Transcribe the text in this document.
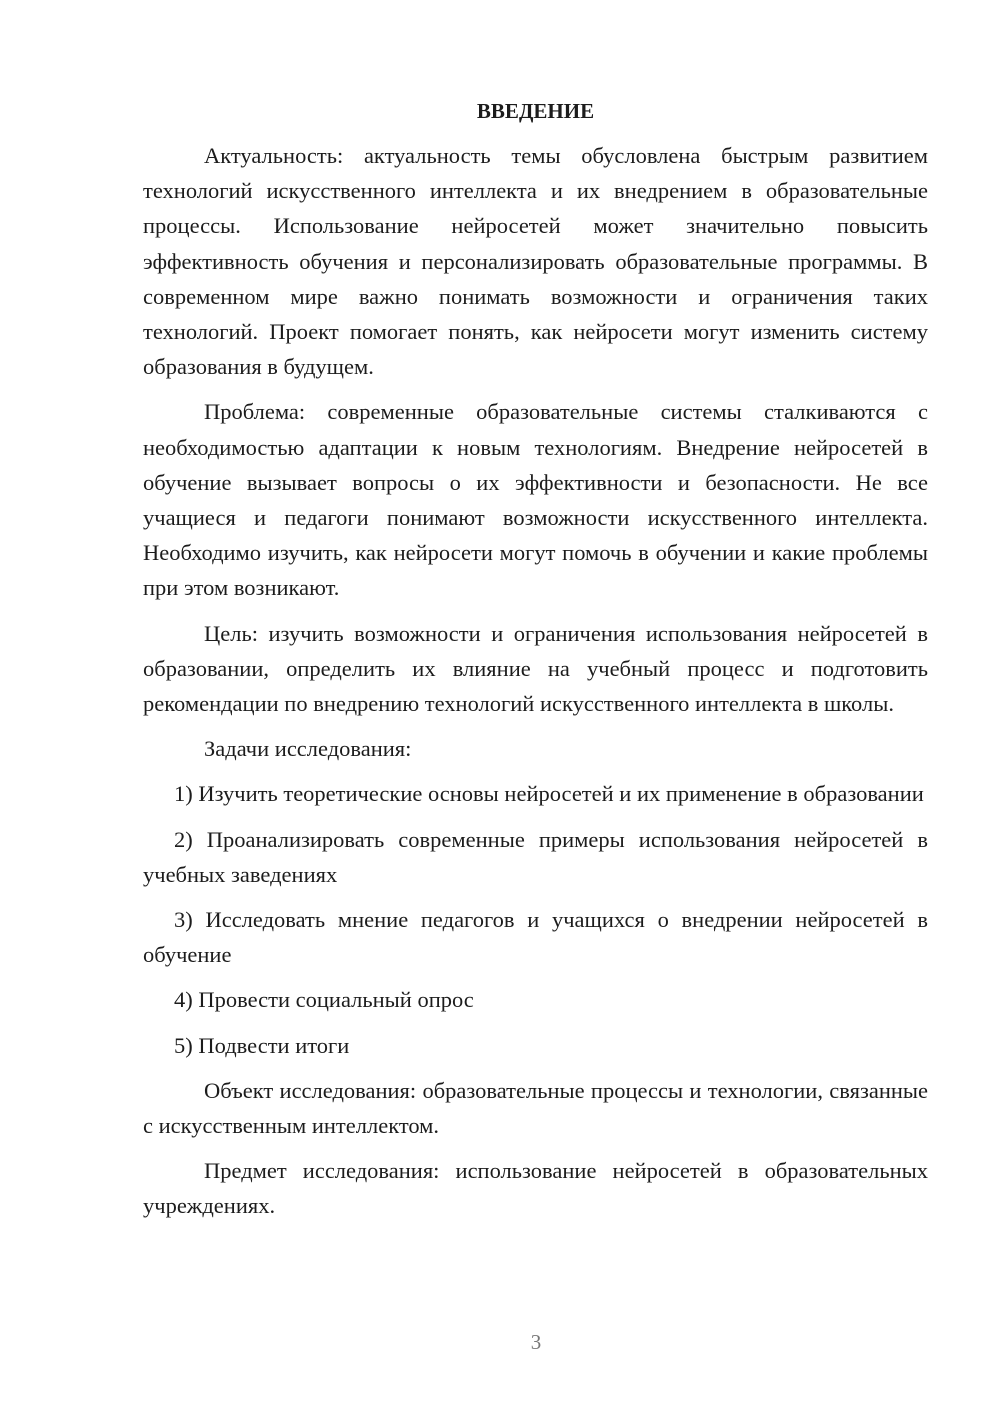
ВВЕДЕНИЕ

Актуальность: актуальность темы обусловлена быстрым развитием технологий искусственного интеллекта и их внедрением в образовательные процессы. Использование нейросетей может значительно повысить эффективность обучения и персонализировать образовательные программы. В современном мире важно понимать возможности и ограничения таких технологий. Проект помогает понять, как нейросети могут изменить систему образования в будущем.

Проблема: современные образовательные системы сталкиваются с необходимостью адаптации к новым технологиям. Внедрение нейросетей в обучение вызывает вопросы о их эффективности и безопасности. Не все учащиеся и педагоги понимают возможности искусственного интеллекта. Необходимо изучить, как нейросети могут помочь в обучении и какие проблемы при этом возникают.

Цель: изучить возможности и ограничения использования нейросетей в образовании, определить их влияние на учебный процесс и подготовить рекомендации по внедрению технологий искусственного интеллекта в школы.

Задачи исследования:

1) Изучить теоретические основы нейросетей и их применение в образовании

2) Проанализировать современные примеры использования нейросетей в учебных заведениях

3) Исследовать мнение педагогов и учащихся о внедрении нейросетей в обучение

4) Провести социальный опрос

5) Подвести итоги

Объект исследования: образовательные процессы и технологии, связанные с искусственным интеллектом.

Предмет исследования: использование нейросетей в образовательных учреждениях.

3
